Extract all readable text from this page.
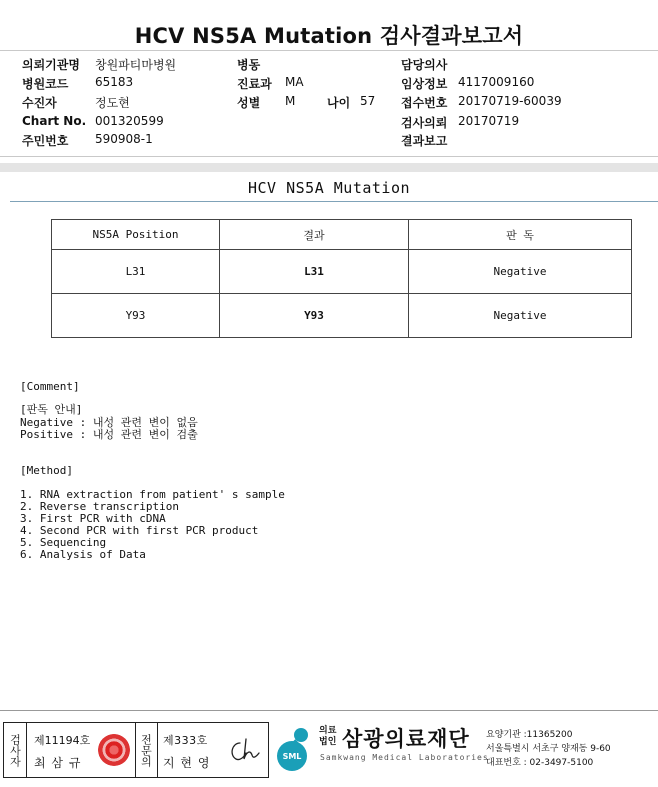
HCV NS5A Mutation 검사결과보고서
의뢰기관명 창원파티마병원	병동	담당의사
병원코드 65183	진료과 MA	임상정보 4117009160
수진자	정도현	성별 M	나이 57 접수번호 20170719-60039
Chart No. 001320599	검사의뢰 20170719
주민번호 590908-1	결과보고
HCV NS5A Mutation
NS5A Position	결과	판 독
L31	L31	Negative
Y93	Y93	Negative
[Comment]
[판독 안내]
Negative : 내성 관련 변이 없음
Positive : 내성 관련 변이 검출
[Method]
1. RNA extraction from patient' s sample
2. Reverse transcription
3. First PCR with cDNA
4. Second PCR with first PCR product
5. Sequencing
6. Analysis of Data
검사자 제11194호
최 삼 규	전문의 제333호
지 현 영	SML
의료법인 삼광의료재단
Samkwang Medical Laboratories
요양기관 :11365200
서울특별시 서초구 양재동 9-60
대표번호 : 02-3497-5100
